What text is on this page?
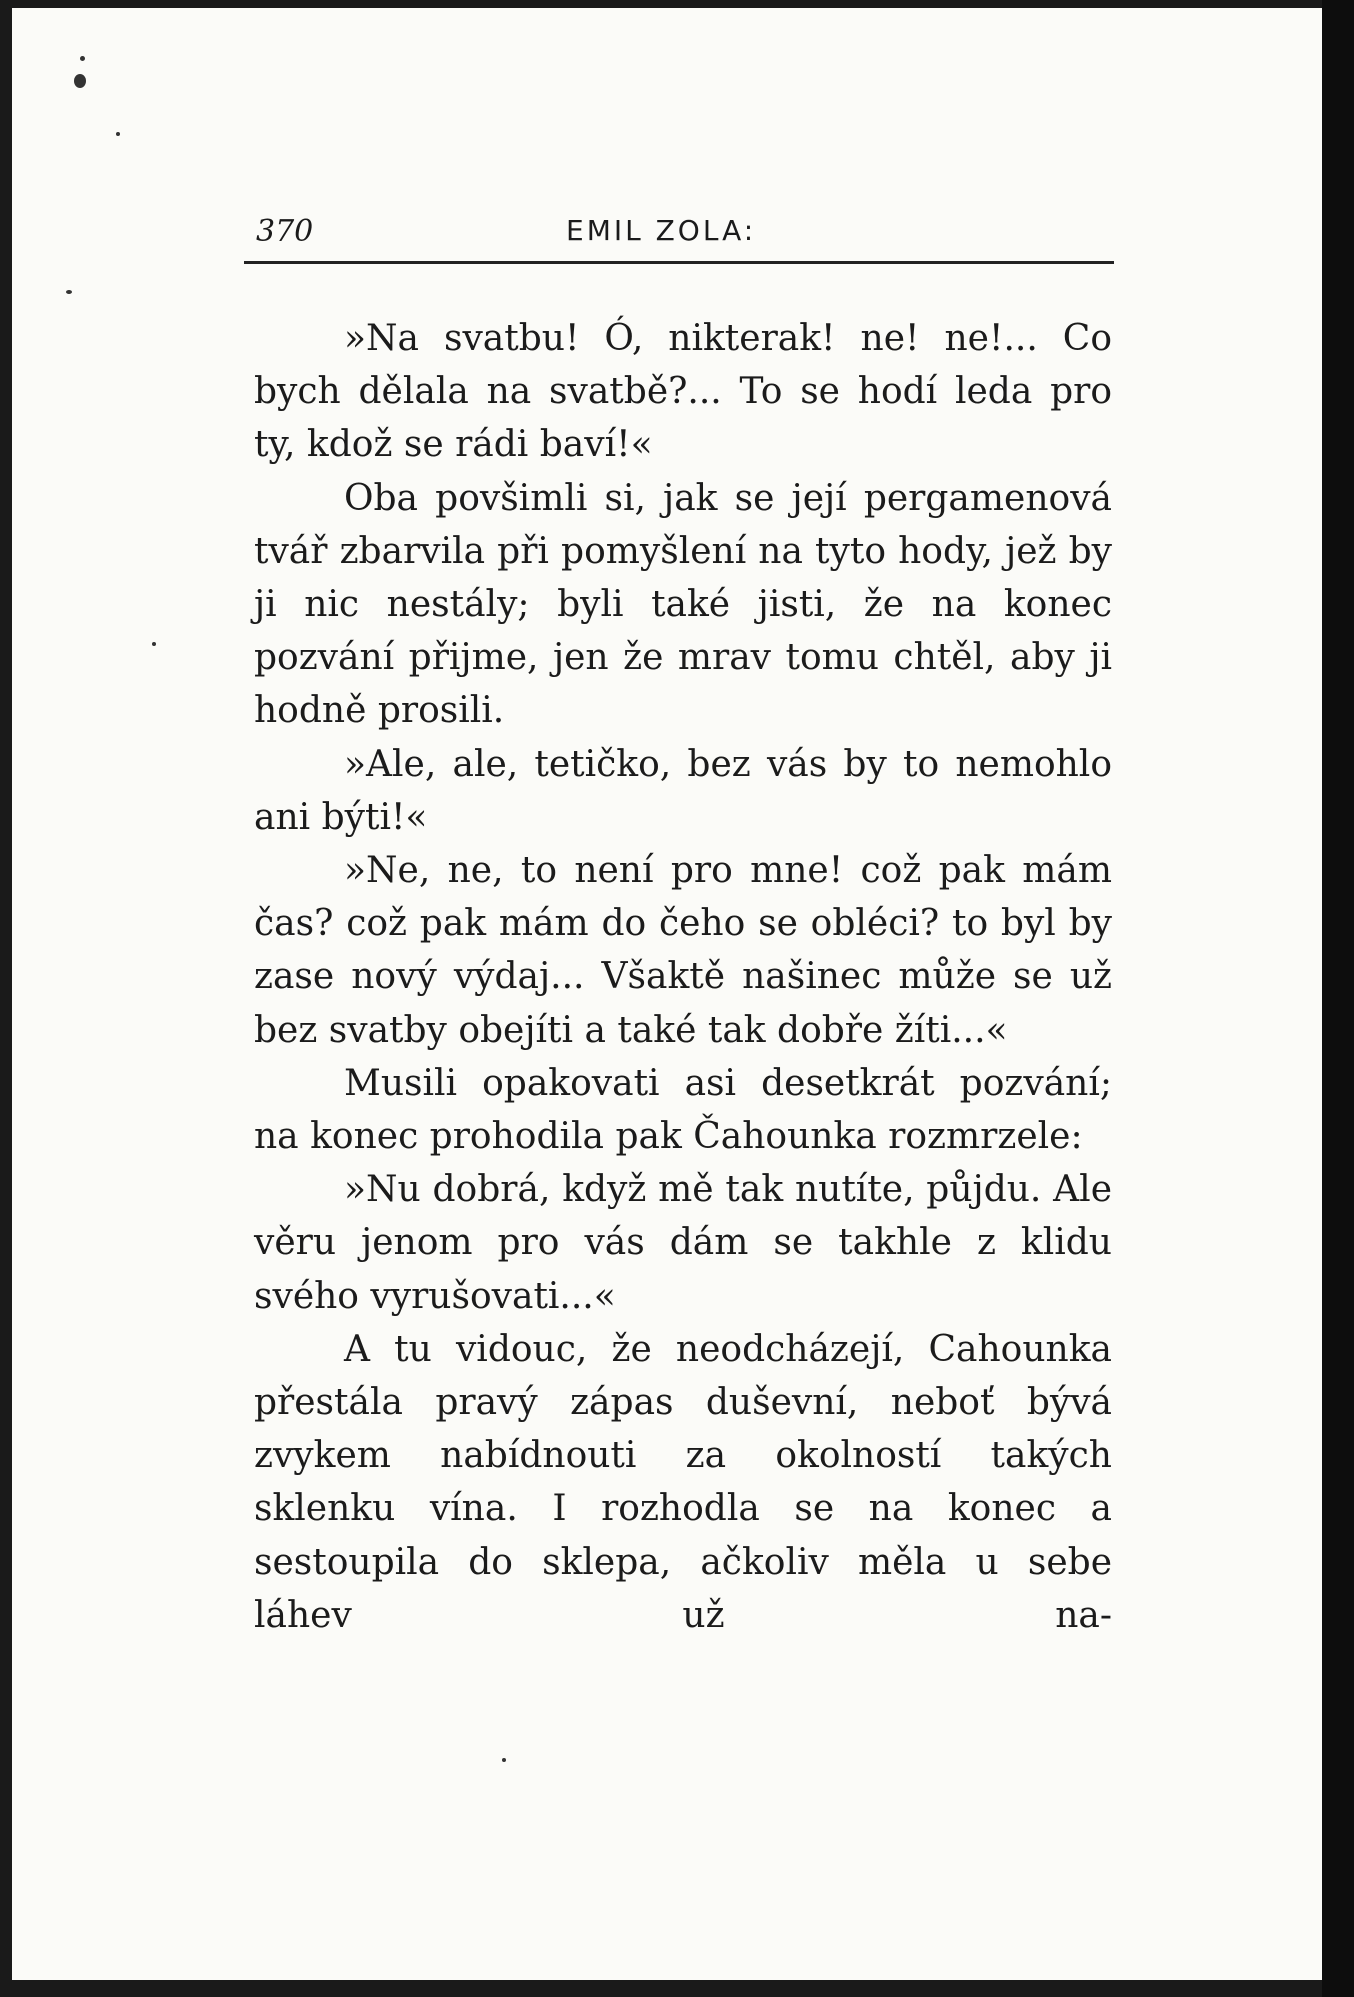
370	EMIL ZOLA:

»Na svatbu! Ó, nikterak! ne! ne!... Co bych dělala na svatbě?... To se hodí leda pro ty, kdož se rádi baví!«

Oba povšimli si, jak se její pergamenová tvář zbarvila při pomyšlení na tyto hody, jež by ji nic nestály; byli také jisti, že na konec pozvání přijme, jen že mrav tomu chtěl, aby ji hodně prosili.

»Ale, ale, tetičko, bez vás by to nemohlo ani býti!«

»Ne, ne, to není pro mne! což pak mám čas? což pak mám do čeho se obléci? to byl by zase nový výdaj... Všaktě našinec může se už bez svatby obejíti a také tak dobře žíti...«

Musili opakovati asi desetkrát pozvání; na konec prohodila pak Čahounka rozmrzele:

»Nu dobrá, když mě tak nutíte, půjdu. Ale věru jenom pro vás dám se takhle z klidu svého vyrušovati...«

A tu vidouc, že neodcházejí, Cahounka přestála pravý zápas duševní, neboť bývá zvykem nabídnouti za okolností takých sklenku vína. I rozhodla se na konec a sestoupila do sklepa, ačkoliv měla u sebe láhev už na-
